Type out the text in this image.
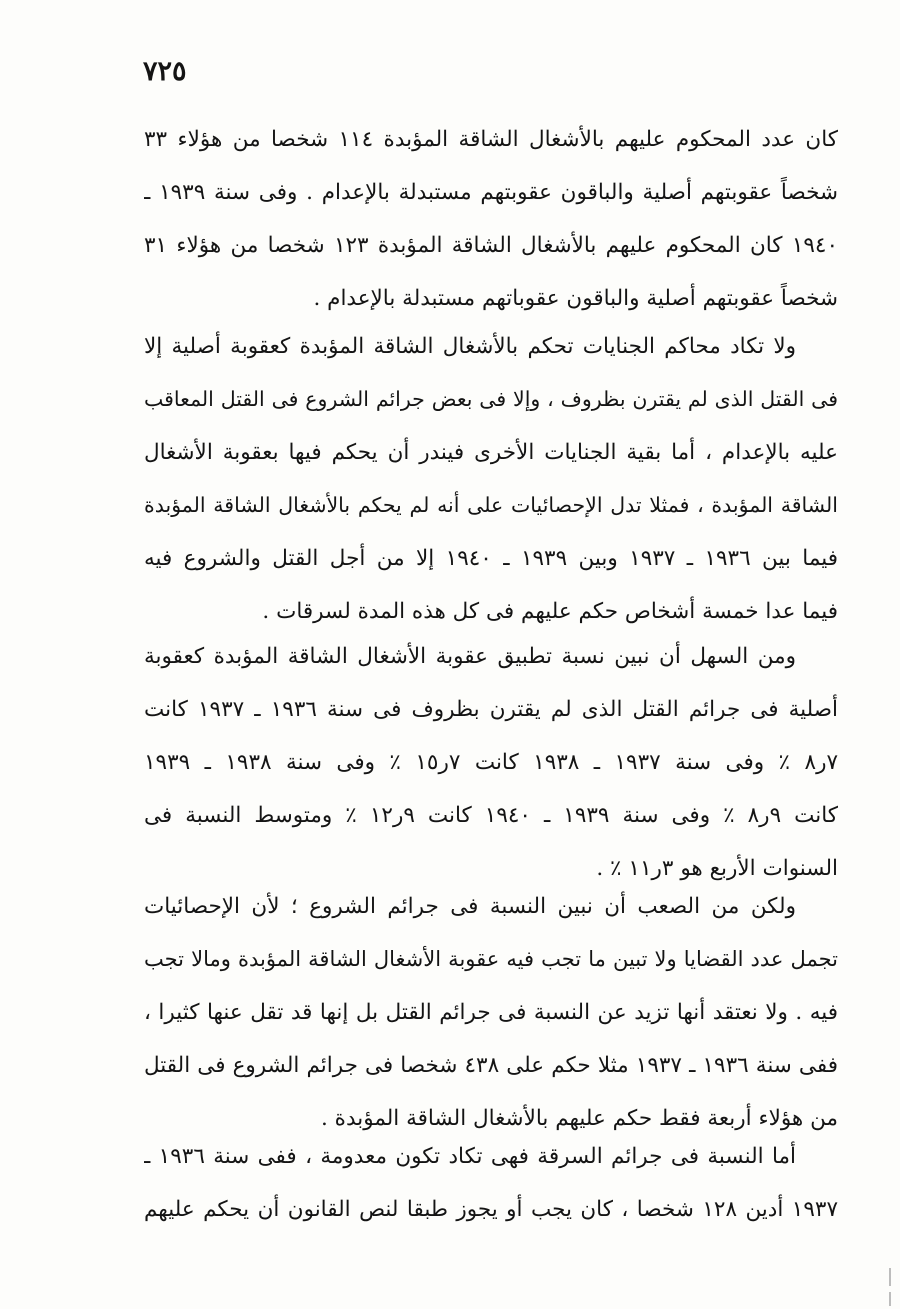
٧٢٥
كان عدد المحكوم عليهم بالأشغال الشاقة المؤبدة ١١٤ شخصا من هؤلاء ٣٣
شخصاً عقوبتهم أصلية والباقون عقوبتهم مستبدلة بالإعدام . وفى سنة ١٩٣٩ ـ
١٩٤٠ كان المحكوم عليهم بالأشغال الشاقة المؤبدة ١٢٣ شخصا من هؤلاء ٣١
شخصاً عقوبتهم أصلية والباقون عقوباتهم مستبدلة بالإعدام .
ولا تكاد محاكم الجنايات تحكم بالأشغال الشاقة المؤبدة كعقوبة أصلية إلا
فى القتل الذى لم يقترن بظروف ، وإلا فى بعض جرائم الشروع فى القتل المعاقب
عليه بالإعدام ، أما بقية الجنايات الأخرى فيندر أن يحكم فيها بعقوبة الأشغال
الشاقة المؤبدة ، فمثلا تدل الإحصائيات على أنه لم يحكم بالأشغال الشاقة المؤبدة
فيما بين ١٩٣٦ ـ ١٩٣٧ وبين ١٩٣٩ ـ ١٩٤٠ إلا من أجل القتل والشروع فيه
فيما عدا خمسة أشخاص حكم عليهم فى كل هذه المدة لسرقات .
ومن السهل أن نبين نسبة تطبيق عقوبة الأشغال الشاقة المؤبدة كعقوبة
أصلية فى جرائم القتل الذى لم يقترن بظروف فى سنة ١٩٣٦ ـ ١٩٣٧ كانت
٧ر٨ ٪ وفى سنة ١٩٣٧ ـ ١٩٣٨ كانت ٧ر١٥ ٪ وفى سنة ١٩٣٨ ـ ١٩٣٩
كانت ٩ر٨ ٪ وفى سنة ١٩٣٩ ـ ١٩٤٠ كانت ٩ر١٢ ٪ ومتوسط النسبة فى
السنوات الأربع هو ٣ر١١ ٪ .
ولكن من الصعب أن نبين النسبة فى جرائم الشروع ؛ لأن الإحصائيات
تجمل عدد القضايا ولا تبين ما تجب فيه عقوبة الأشغال الشاقة المؤبدة ومالا تجب
فيه . ولا نعتقد أنها تزيد عن النسبة فى جرائم القتل بل إنها قد تقل عنها كثيرا ،
ففى سنة ١٩٣٦ ـ ١٩٣٧ مثلا حكم على ٤٣٨ شخصا فى جرائم الشروع فى القتل
من هؤلاء أربعة فقط حكم عليهم بالأشغال الشاقة المؤبدة .
أما النسبة فى جرائم السرقة فهى تكاد تكون معدومة ، ففى سنة ١٩٣٦ ـ
١٩٣٧ أدين ١٢٨ شخصا ، كان يجب أو يجوز طبقا لنص القانون أن يحكم عليهم
